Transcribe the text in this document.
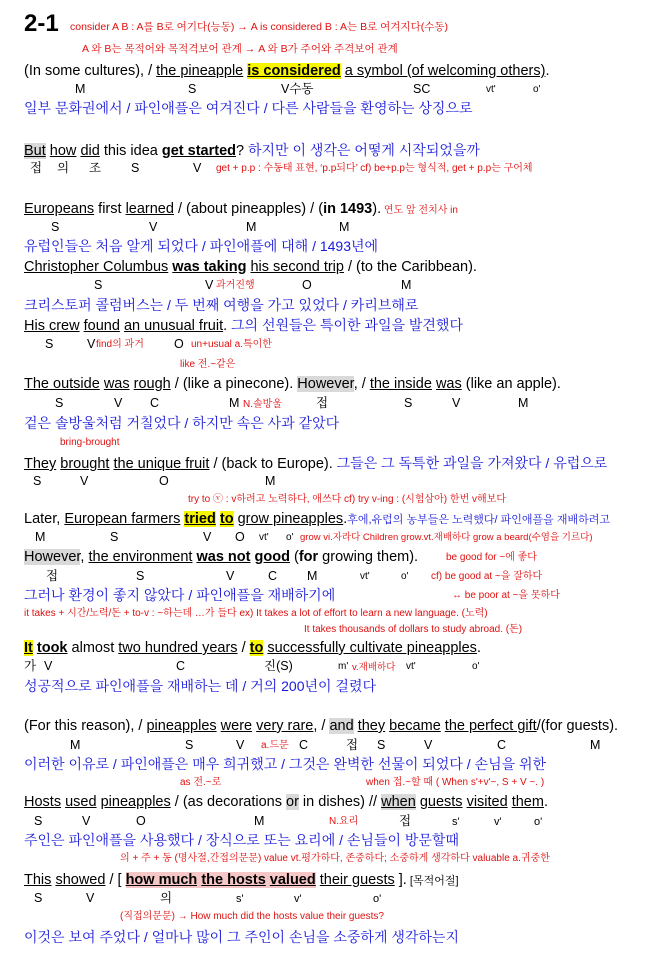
2-1 consider A B : A를 B로 여기다(능동) → A is considered B : A는 B로 여겨지다(수동)
A 와 B는 목적어와 목적격보어 관계 → A 와 B가 주어와 주격보어 관계
(In some cultures), / the pineapple is considered a symbol (of welcoming others).
M	S	V수동	SC	vt'	o'
일부 문화권에서 / 파인애플은 여겨진다 / 다른 사람들을 환영하는 상징으로
But how did this idea get started? 하지만 이 생각은 어떻게 시작되었을까
접 의 조 S	V get + p.p : 수동태 표현, ‘p.p되다’ cf) be+p.p는 형식적, get + p.p는 구어체
Europeans first learned / (about pineapples) / (in 1493). 연도 앞 전치사 in
S	V	M	M
유럽인들은 처음 알게 되었다 / 파인애플에 대해 / 1493년에
Christopher Columbus was taking his second trip / (to the Caribbean).
S	V 과거진행	O	M
크리스토퍼 콜럼버스는 / 두 번째 여행을 가고 있었다 / 카리브해로
His crew found an unusual fruit. 그의 선원들은 특이한 과일을 발견했다
S	V find의 과거 O un+usual a.특이한
like 전.~같은
The outside was rough / (like a pinecone). However, / the inside was (like an apple).
S	V C	M N.솔방울	접	S	V	M
겉은 솔방울처럼 거칠었다 / 하지만 속은 사과 같았다
bring-brought
They brought the unique fruit / (back to Europe). 그들은 그 독특한 과일을 가져왔다 / 유럽으로
S	V	O	M
try to ⓥ : v하려고 노력하다, 애쓰다 cf) try v-ing : (시험삼아) 한번 v해보다
Later, European farmers tried to grow pineapples.후에,유럽의 농부들은 노력했다/ 파인애플을 재배하려고
M	S	V O vt' o' grow vi.자라다 Children grow.vt.재배하다 grow a beard(수염을 기르다)
However, the environment was not good (for growing them).	be good for ~에 좋다
접	S	V	C M	vt'	o' cf) be good at ~을 잘하다
그러나 환경이 좋지 않았다 / 파인애플을 재배하기에	↔ be poor at ~을 못하다
it takes + 시간/노력/돈 + to-v : ~하는데 …가 들다 ex) It takes a lot of effort to learn a new language. (노력)
It takes thousands of dollars to study abroad. (돈)
It took almost two hundred years / to successfully cultivate pineapples.
가 V	C	진(S)	m' v.재배하다 vt'	o'
성공적으로 파인애플을 재배하는 데 / 거의 200년이 걸렸다
(For this reason), / pineapples were very rare, / and they became the perfect gift/(for guests).
M	S	V a.드문 C	접 S	V	C	M
이러한 이유로 / 파인애플은 매우 희귀했고 / 그것은 완벽한 선물이 되었다 / 손님을 위한
as 전.~로	when 접.~할 때 ( When s'+v'~, S + V ~. )
Hosts used pineapples / (as decorations or in dishes) // when guests visited them.
S	V	O	M	N.요리	접	s'	v'	o'
주인은 파인애플을 사용했다 / 장식으로 또는 요리에 / 손님들이 방문할때
의 + 주 + 동 (명사절,간접의문문) value vt.평가하다, 존중하다; 소중하게 생각하다 valuable a.귀중한
This showed / [ how much the hosts valued their guests ]. [목적어절]
S	V	의	s'	v'	o'
(직접의문문) → How much did the hosts value their guests?
이것은 보여 주었다 / 얼마나 많이 그 주인이 손님을 소중하게 생각하는지
